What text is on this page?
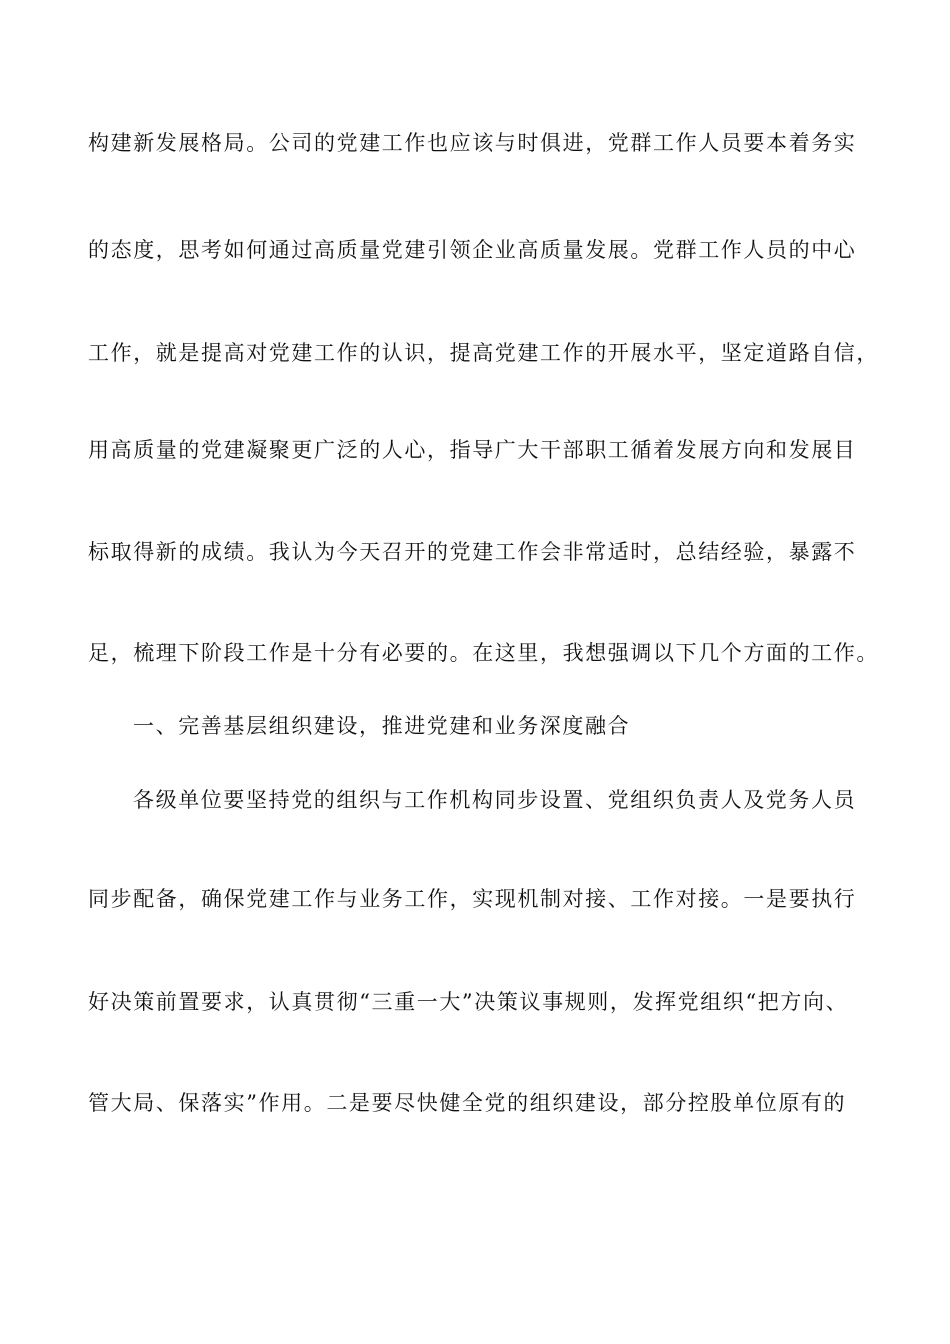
构建新发展格局。公司的党建工作也应该与时俱进，党群工作人员要本着务实
的态度，思考如何通过高质量党建引领企业高质量发展。党群工作人员的中心
工作，就是提高对党建工作的认识，提高党建工作的开展水平，坚定道路自信，
用高质量的党建凝聚更广泛的人心，指导广大干部职工循着发展方向和发展目
标取得新的成绩。我认为今天召开的党建工作会非常适时，总结经验，暴露不
足，梳理下阶段工作是十分有必要的。在这里，我想强调以下几个方面的工作。
一、完善基层组织建设，推进党建和业务深度融合
各级单位要坚持党的组织与工作机构同步设置、党组织负责人及党务人员
同步配备，确保党建工作与业务工作，实现机制对接、工作对接。一是要执行
好决策前置要求，认真贯彻“三重一大”决策议事规则，发挥党组织“把方向、
管大局、保落实”作用。二是要尽快健全党的组织建设，部分控股单位原有的
